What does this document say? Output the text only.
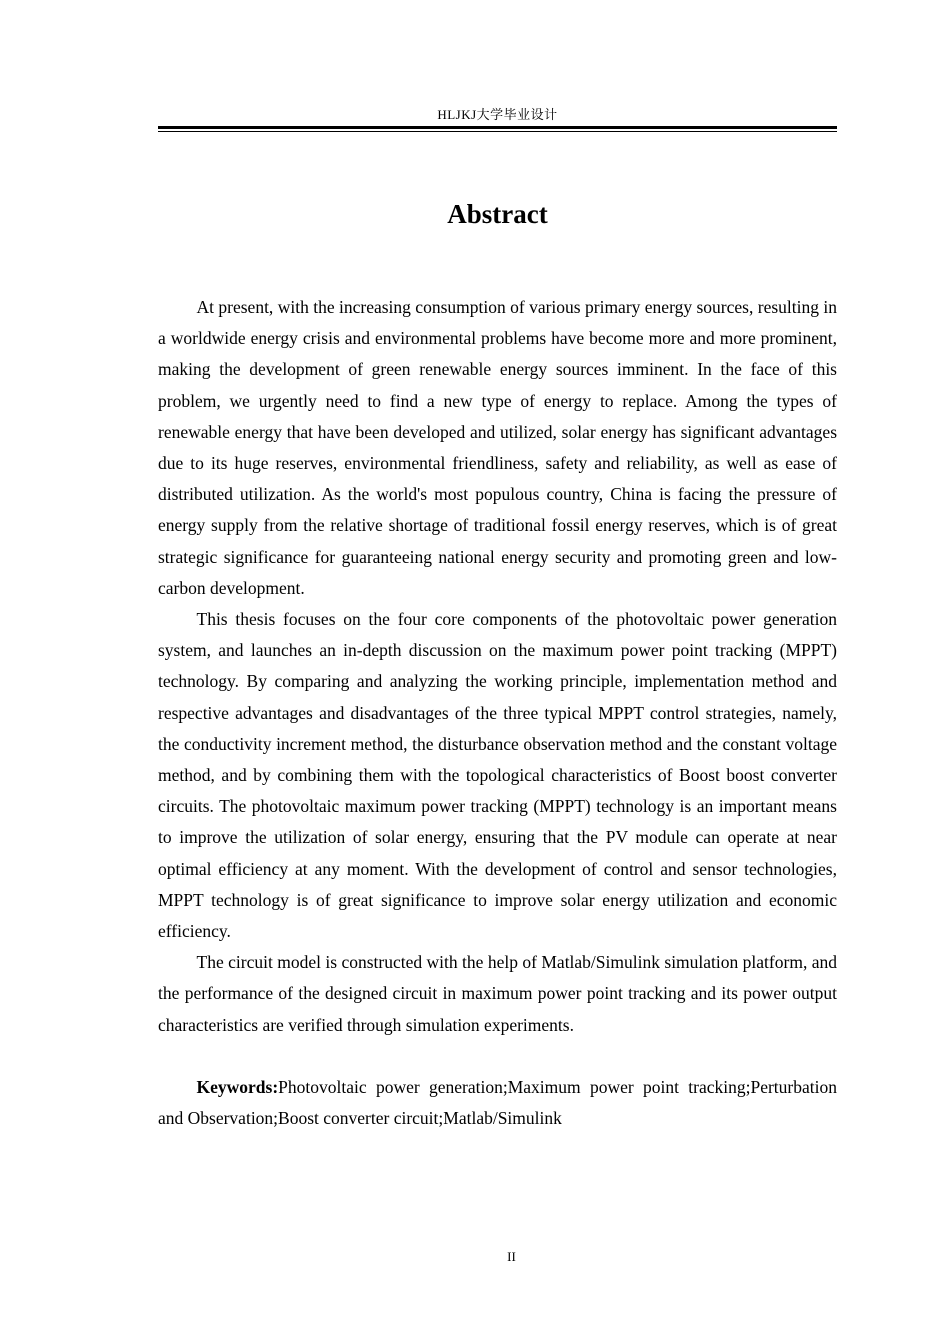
HLJKJ大学毕业设计
Abstract

At present, with the increasing consumption of various primary energy sources, resulting in a worldwide energy crisis and environmental problems have become more and more prominent, making the development of green renewable energy sources imminent. In the face of this problem, we urgently need to find a new type of energy to replace. Among the types of renewable energy that have been developed and utilized, solar energy has significant advantages due to its huge reserves, environmental friendliness, safety and reliability, as well as ease of distributed utilization. As the world's most populous country, China is facing the pressure of energy supply from the relative shortage of traditional fossil energy reserves, which is of great strategic significance for guaranteeing national energy security and promoting green and low-carbon development.

This thesis focuses on the four core components of the photovoltaic power generation system, and launches an in-depth discussion on the maximum power point tracking (MPPT) technology. By comparing and analyzing the working principle, implementation method and respective advantages and disadvantages of the three typical MPPT control strategies, namely, the conductivity increment method, the disturbance observation method and the constant voltage method, and by combining them with the topological characteristics of Boost boost converter circuits. The photovoltaic maximum power tracking (MPPT) technology is an important means to improve the utilization of solar energy, ensuring that the PV module can operate at near optimal efficiency at any moment. With the development of control and sensor technologies, MPPT technology is of great significance to improve solar energy utilization and economic efficiency.

The circuit model is constructed with the help of Matlab/Simulink simulation platform, and the performance of the designed circuit in maximum power point tracking and its power output characteristics are verified through simulation experiments.

Keywords:Photovoltaic power generation;Maximum power point tracking;Perturbation and Observation;Boost converter circuit;Matlab/Simulink

II
